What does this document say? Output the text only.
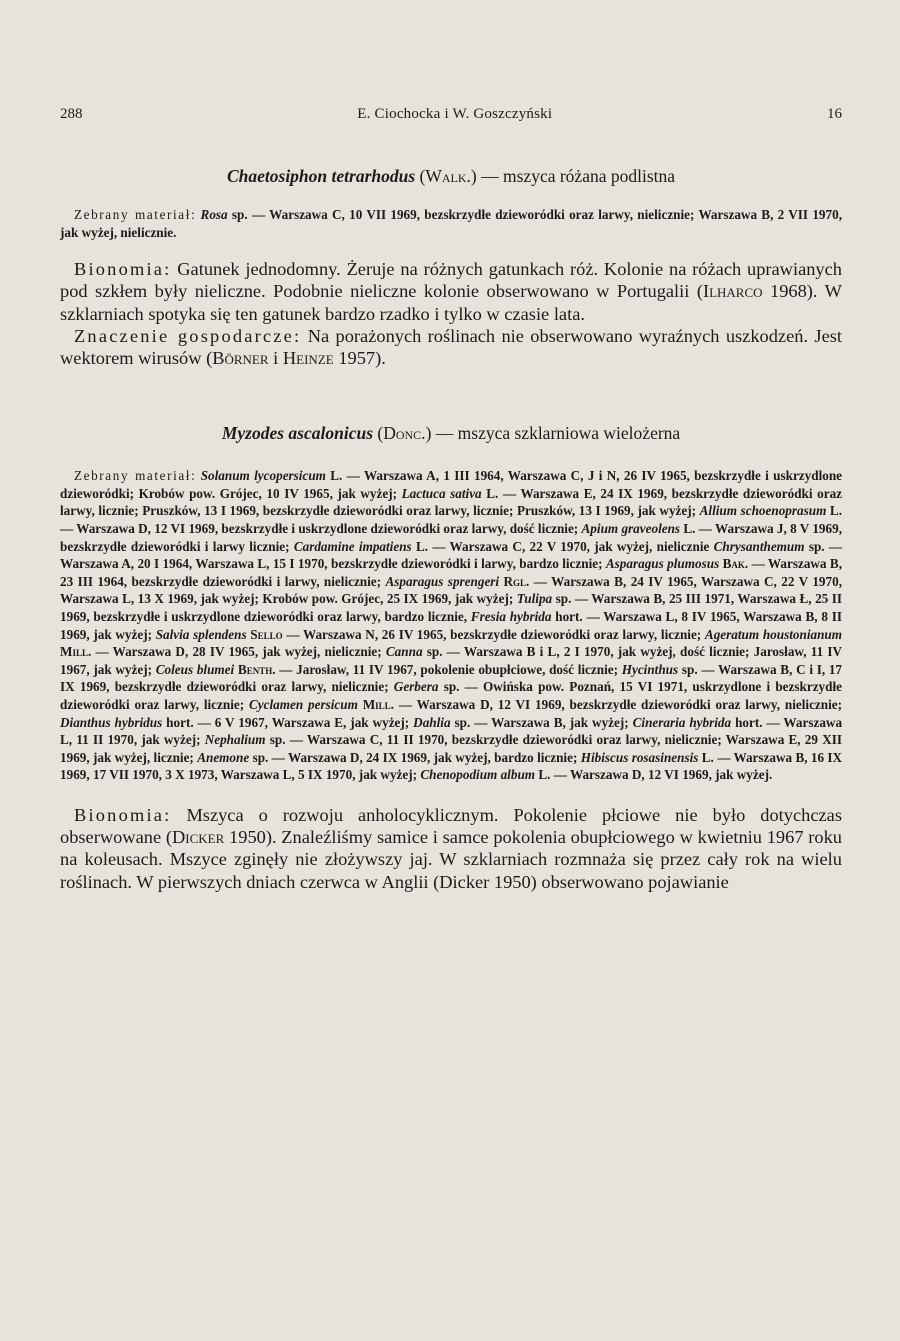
288	E. Ciochocka i W. Goszczyński	16

Chaetosiphon tetrarhodus (Walk.) — mszyca różana podlistna

Zebrany materiał: Rosa sp. — Warszawa C, 10 VII 1969, bezskrzydłe dzieworódki oraz larwy, nielicznie; Warszawa B, 2 VII 1970, jak wyżej, nielicznie.

Bionomia: Gatunek jednodomny. Żeruje na różnych gatunkach róż. Kolonie na różach uprawianych pod szkłem były nieliczne. Podobnie nieliczne kolonie obserwowano w Portugalii (Ilharco 1968). W szklarniach spotyka się ten gatunek bardzo rzadko i tylko w czasie lata.

Znaczenie gospodarcze: Na porażonych roślinach nie obserwowano wyraźnych uszkodzeń. Jest wektorem wirusów (Börner i Heinze 1957).

Myzodes ascalonicus (Donc.) — mszyca szklarniowa wielożerna

Zebrany materiał: Solanum lycopersicum L. — Warszawa A, 1 III 1964, Warszawa C, J i N, 26 IV 1965, bezskrzydłe i uskrzydlone dzieworódki; Krobów pow. Grójec, 10 IV 1965, jak wyżej; Lactuca sativa L. — Warszawa E, 24 IX 1969, bezskrzydłe dzieworódki oraz larwy, licznie; Pruszków, 13 I 1969, bezskrzydłe dzieworódki oraz larwy, licznie; Pruszków, 13 I 1969, jak wyżej; Allium schoenoprasum L. — Warszawa D, 12 VI 1969, bezskrzydłe i uskrzydlone dzieworódki oraz larwy, dość licznie; Apium graveolens L. — Warszawa J, 8 V 1969, bezskrzydłe dzieworódki i larwy licznie; Cardamine impatiens L. — Warszawa C, 22 V 1970, jak wyżej, nielicznie Chrysanthemum sp. — Warszawa A, 20 I 1964, Warszawa L, 15 I 1970, bezskrzydłe dzieworódki i larwy, bardzo licznie; Asparagus plumosus Bak. — Warszawa B, 23 III 1964, bezskrzydłe dzieworódki i larwy, nielicznie; Asparagus sprengeri Rgl. — Warszawa B, 24 IV 1965, Warszawa C, 22 V 1970, Warszawa L, 13 X 1969, jak wyżej; Krobów pow. Grójec, 25 IX 1969, jak wyżej; Tulipa sp. — Warszawa B, 25 III 1971, Warszawa Ł, 25 II 1969, bezskrzydłe i uskrzydlone dzieworódki oraz larwy, bardzo licznie, Fresia hybrida hort. — Warszawa L, 8 IV 1965, Warszawa B, 8 II 1969, jak wyżej; Salvia splendens Sello — Warszawa N, 26 IV 1965, bezskrzydłe dzieworódki oraz larwy, licznie; Ageratum houstonianum Mill. — Warszawa D, 28 IV 1965, jak wyżej, nielicznie; Canna sp. — Warszawa B i L, 2 I 1970, jak wyżej, dość licznie; Jarosław, 11 IV 1967, jak wyżej; Coleus blumei Benth. — Jarosław, 11 IV 1967, pokolenie obupłciowe, dość licznie; Hycinthus sp. — Warszawa B, C i I, 17 IX 1969, bezskrzydłe dzieworódki oraz larwy, nielicznie; Gerbera sp. — Owińska pow. Poznań, 15 VI 1971, uskrzydlone i bezskrzydłe dzieworódki oraz larwy, licznie; Cyclamen persicum Mill. — Warszawa D, 12 VI 1969, bezskrzydłe dzieworódki oraz larwy, nielicznie; Dianthus hybridus hort. — 6 V 1967, Warszawa E, jak wyżej; Dahlia sp. — Warszawa B, jak wyżej; Cineraria hybrida hort. — Warszawa L, 11 II 1970, jak wyżej; Nephalium sp. — Warszawa C, 11 II 1970, bezskrzydłe dzieworódki oraz larwy, nielicznie; Warszawa E, 29 XII 1969, jak wyżej, licznie; Anemone sp. — Warszawa D, 24 IX 1969, jak wyżej, bardzo licznie; Hibiscus rosasinensis L. — Warszawa B, 16 IX 1969, 17 VII 1970, 3 X 1973, Warszawa L, 5 IX 1970, jak wyżej; Chenopodium album L. — Warszawa D, 12 VI 1969, jak wyżej.

Bionomia: Mszyca o rozwoju anholocyklicznym. Pokolenie płciowe nie było dotychczas obserwowane (Dicker 1950). Znaleźliśmy samice i samce pokolenia obupłciowego w kwietniu 1967 roku na koleusach. Mszyce zginęły nie złożywszy jaj. W szklarniach rozmnaża się przez cały rok na wielu roślinach. W pierwszych dniach czerwca w Anglii (Dicker 1950) obserwowano pojawianie
